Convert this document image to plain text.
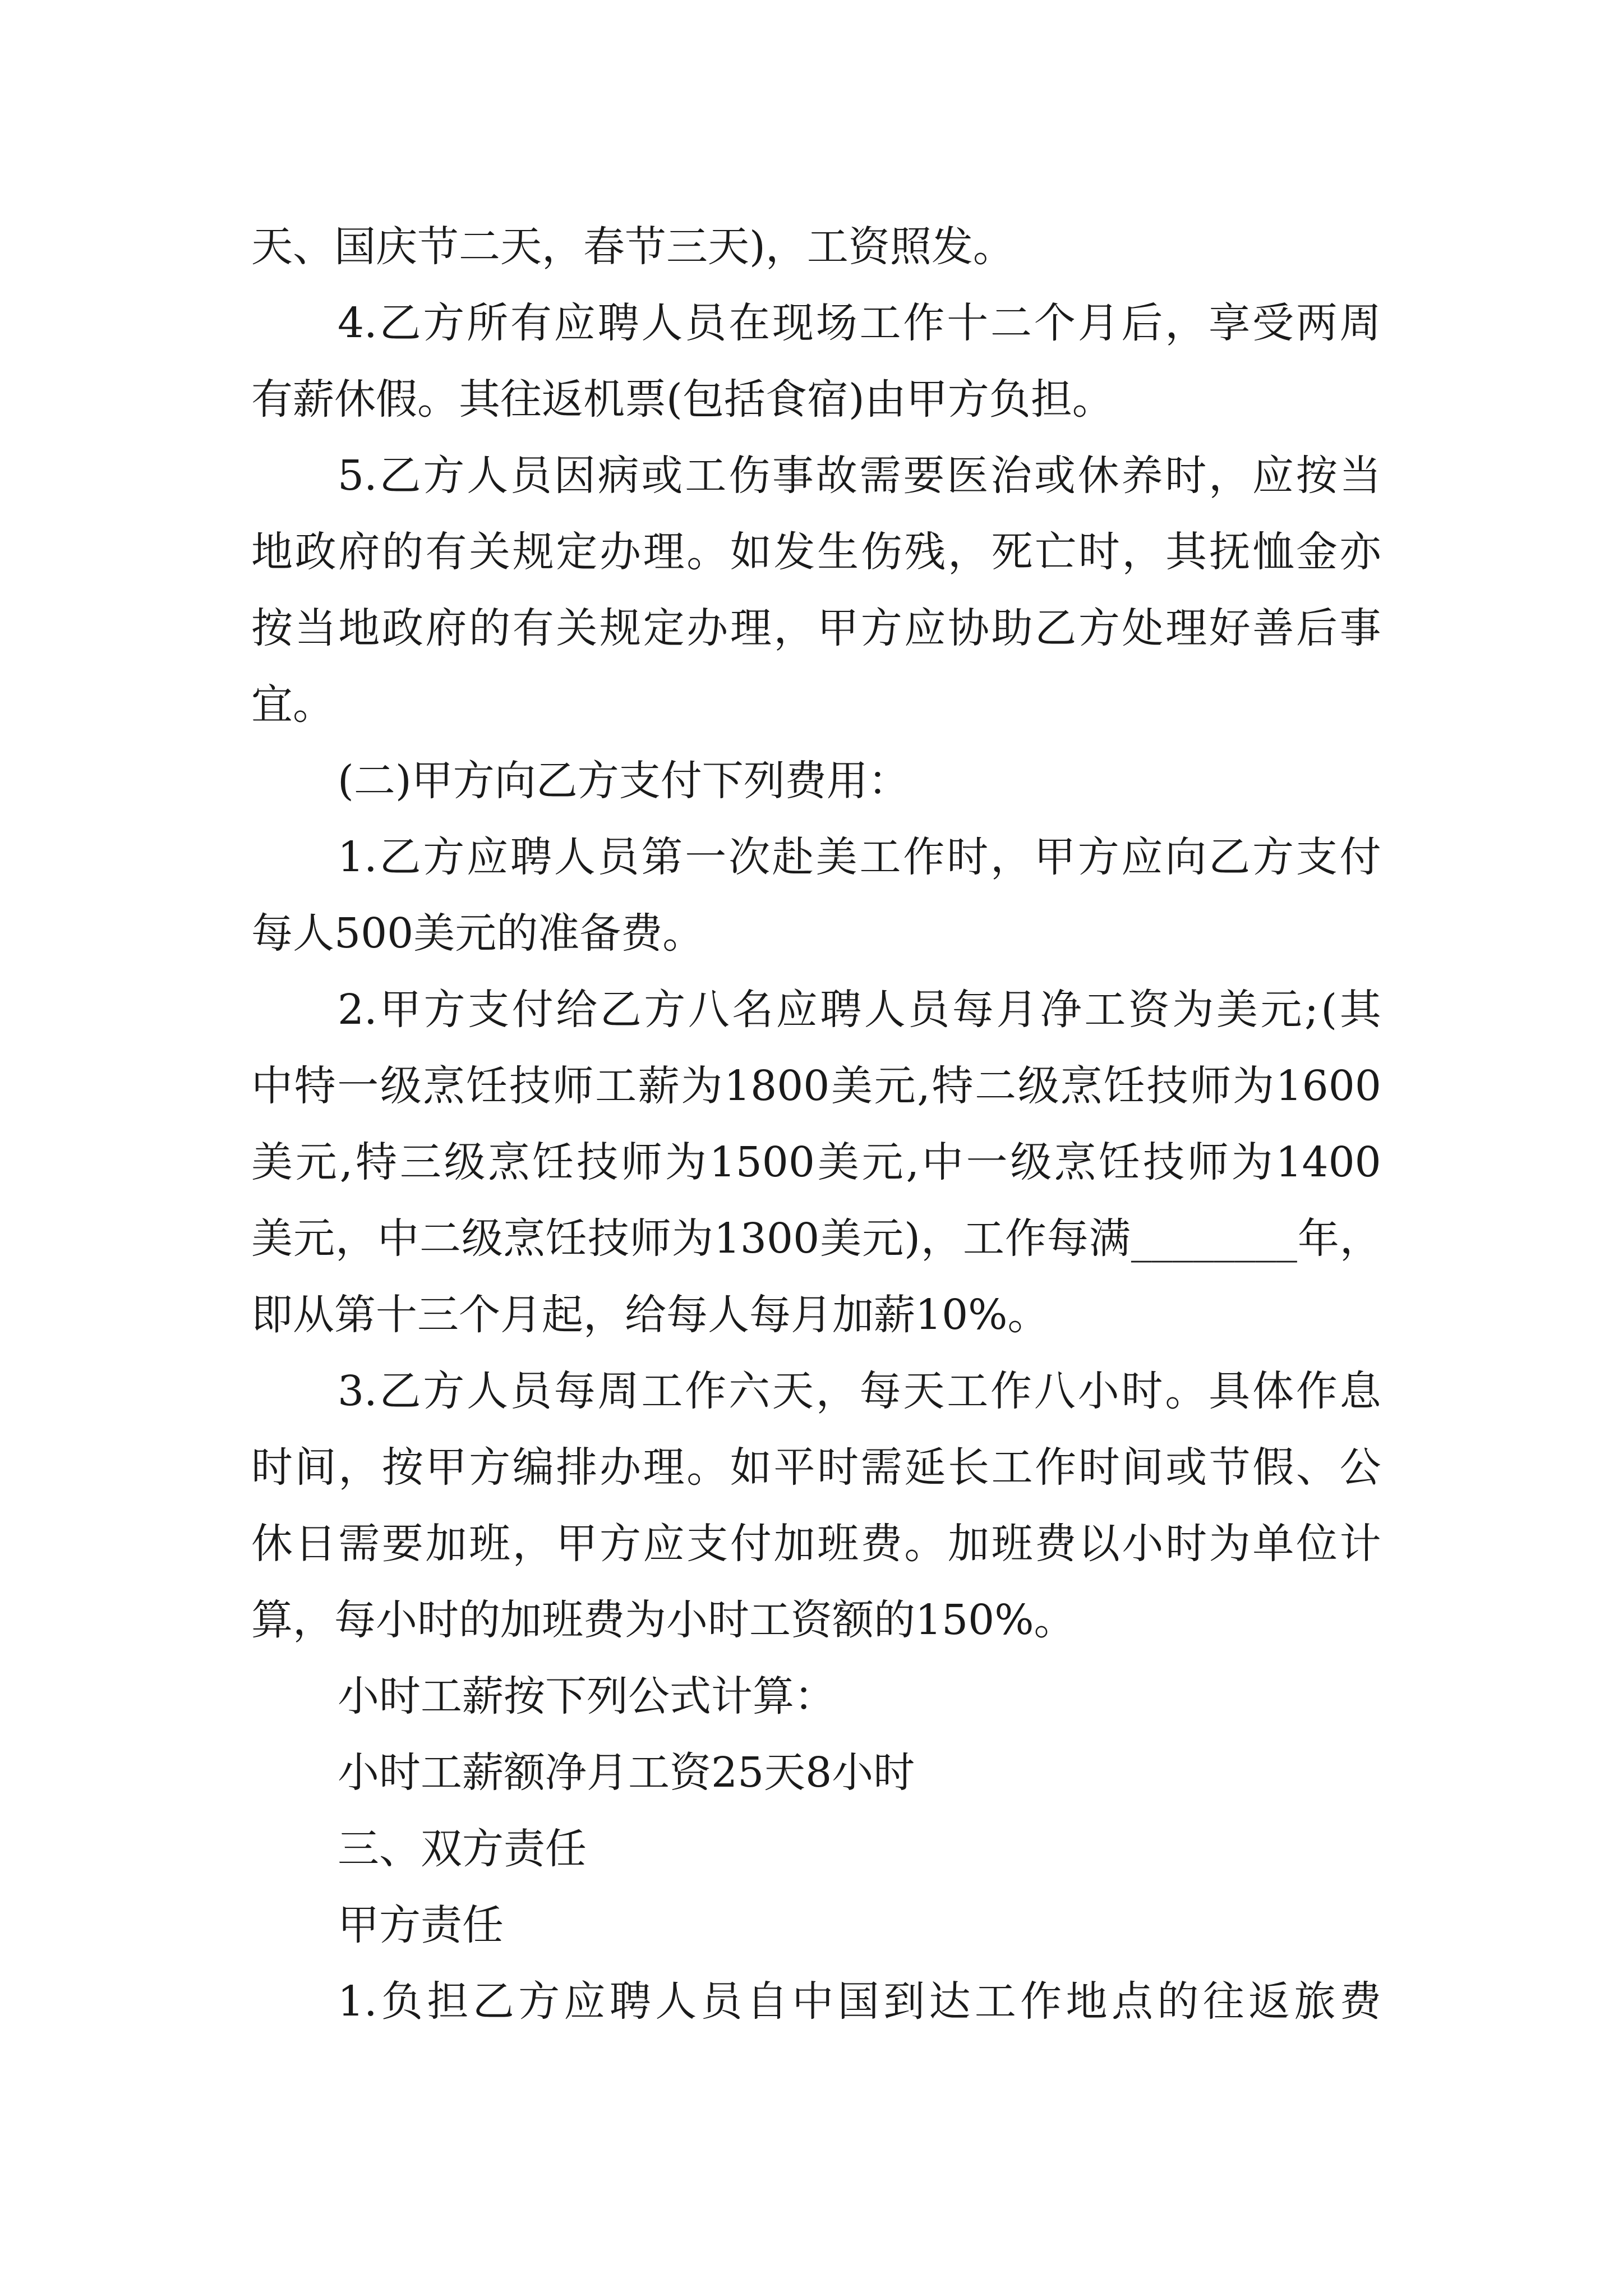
天、国庆节二天，春节三天)，工资照发。
4. 乙 方 所 有 应 聘 人 员 在 现 场 工 作 十 二 个 月 后 ， 享 受 两 周
有薪休假。其往返机票(包括食宿)由甲方负担。
5. 乙 方 人 员 因 病 或 工 伤 事 故 需 要 医 治 或 休 养 时 ， 应 按 当
地 政 府 的 有 关 规 定 办 理 。 如 发 生 伤 残 ， 死 亡 时 ， 其 抚 恤 金 亦
按 当 地 政 府 的 有 关 规 定 办 理 ， 甲 方 应 协 助 乙 方 处 理 好 善 后 事
宜。
(二)甲方向乙方支付下列费用：
1. 乙 方 应 聘 人 员 第 一 次 赴 美 工 作 时 ， 甲 方 应 向 乙 方 支 付
每人500美元的准备费。
2. 甲 方 支 付 给 乙 方 八 名 应 聘 人 员 每 月 净 工 资 为 美 元 ; ( 其
中 特 一 级 烹 饪 技 师 工 薪 为 1800 美 元 , 特 二 级 烹 饪 技 师 为 1600
美 元 , 特 三 级 烹 饪 技 师 为 1500 美 元 , 中 一 级 烹 饪 技 师 为 1400
美 元 ， 中 二 级 烹 饪 技 师 为 1300 美 元 ) ， 工 作 每 满 ________ 年 ，
即从第十三个月起，给每人每月加薪10%。
3. 乙 方 人 员 每 周 工 作 六 天 ， 每 天 工 作 八 小 时 。 具 体 作 息
时 间 ， 按 甲 方 编 排 办 理 。 如 平 时 需 延 长 工 作 时 间 或 节 假 、 公
休 日 需 要 加 班 ， 甲 方 应 支 付 加 班 费 。 加 班 费 以 小 时 为 单 位 计
算，每小时的加班费为小时工资额的150%。
小时工薪按下列公式计算：
小时工薪额净月工资25天8小时
三、双方责任
甲方责任
1. 负 担 乙 方 应 聘 人 员 自 中 国 到 达 工 作 地 点 的 往 返 旅 费
